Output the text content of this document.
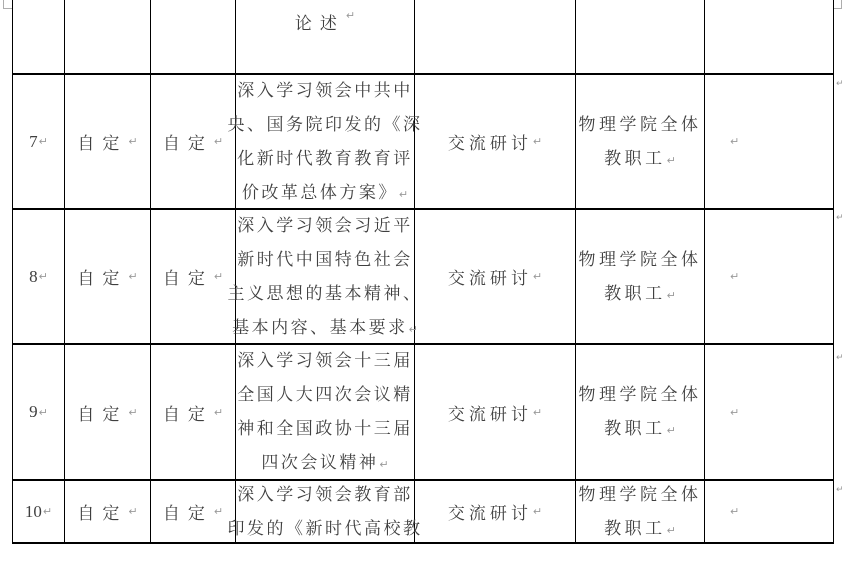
↵
↵
↵
↵
论述 ↵
7 ↵ 自定 ↵ 自定 ↵
深入学习领会中共中
央、国务院印发的《深
化新时代教育教育评
价改革总体方案》↵
交流研讨 ↵
物理学院全体
教职工↵
↵
8 ↵ 自定 ↵ 自定 ↵
深入学习领会习近平
新时代中国特色社会
主义思想的基本精神、
基本内容、基本要求↵
交流研讨 ↵
物理学院全体
教职工↵
↵
9 ↵ 自定 ↵ 自定 ↵
深入学习领会十三届
全国人大四次会议精
神和全国政协十三届
四次会议精神↵
交流研讨 ↵
物理学院全体
教职工↵
↵
10 ↵ 自定 ↵ 自定 ↵
深入学习领会教育部
印发的《新时代高校教
交流研讨 ↵
物理学院全体
教职工↵
↵
